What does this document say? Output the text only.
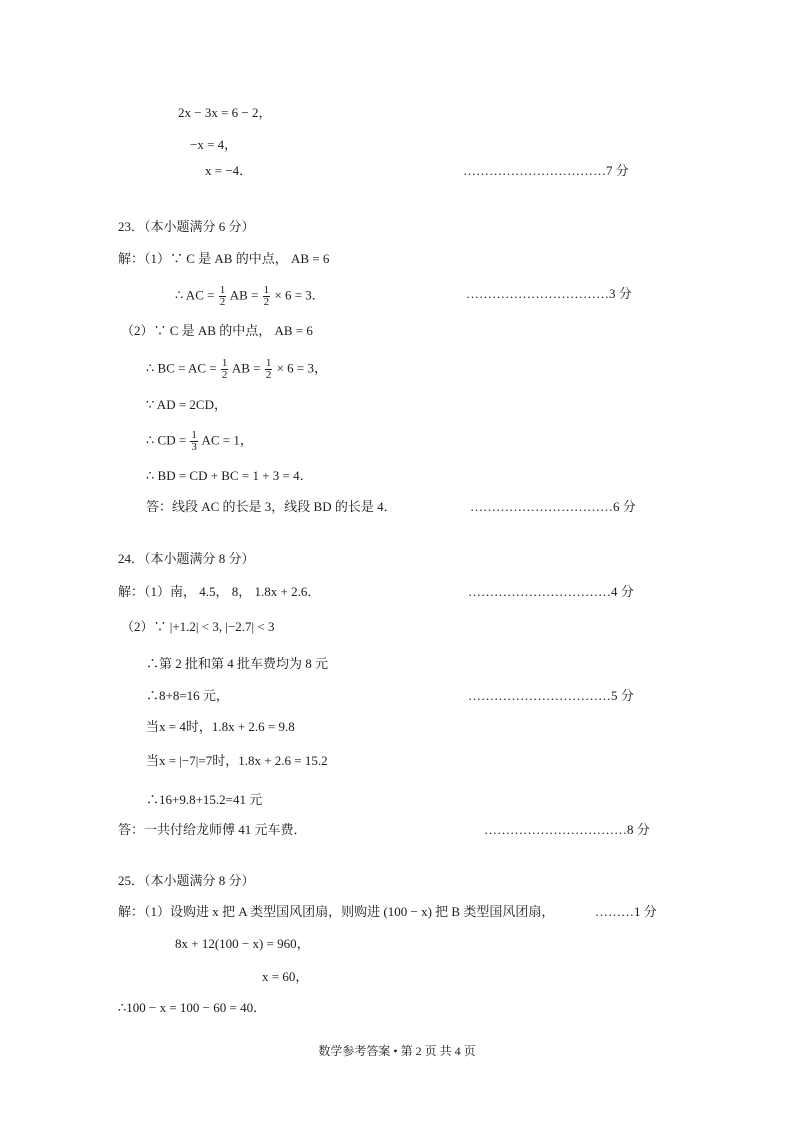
2x − 3x = 6 − 2，
−x = 4，
x = −4．	……………………………7 分
23．（本小题满分 6 分）
解：（1）∵ C 是 AB 的中点， AB = 6
∴ AC = $\frac{1}{2}$ AB = $\frac{1}{2} \times 6 = 3$．	……………………………3 分
（2）∵ C 是 AB 的中点， AB = 6
∴ BC = AC = $\frac{1}{2}$ AB = $\frac{1}{2} \times 6 = 3$，
∵ AD = 2CD，
∴ CD = $\frac{1}{3}$ AC = 1，
∴ BD = CD + BC = 1 + 3 = 4．
答：线段 AC 的长是 3，线段 BD 的长是 4．	……………………………6 分
24．（本小题满分 8 分）
解：（1）南， 4.5， 8， 1.8x + 2.6．	……………………………4 分
（2）∵ |+1.2| < 3, |−2.7| < 3
∴第 2 批和第 4 批车费均为 8 元
∴8+8=16 元，	……………………………5 分
当x = 4时，1.8x + 2.6 = 9.8
当x = |−7|=7时，1.8x + 2.6 = 15.2
∴16+9.8+15.2=41 元
答：一共付给龙师傅 41 元车费．	……………………………8 分
25．（本小题满分 8 分）
解：（1）设购进 x 把 A 类型国风团扇，则购进 (100 − x) 把 B 类型国风团扇，	………1 分
8x + 12(100 − x) = 960，
x = 60，
∴100 − x = 100 − 60 = 40．
数学参考答案 • 第 2 页 共 4 页
